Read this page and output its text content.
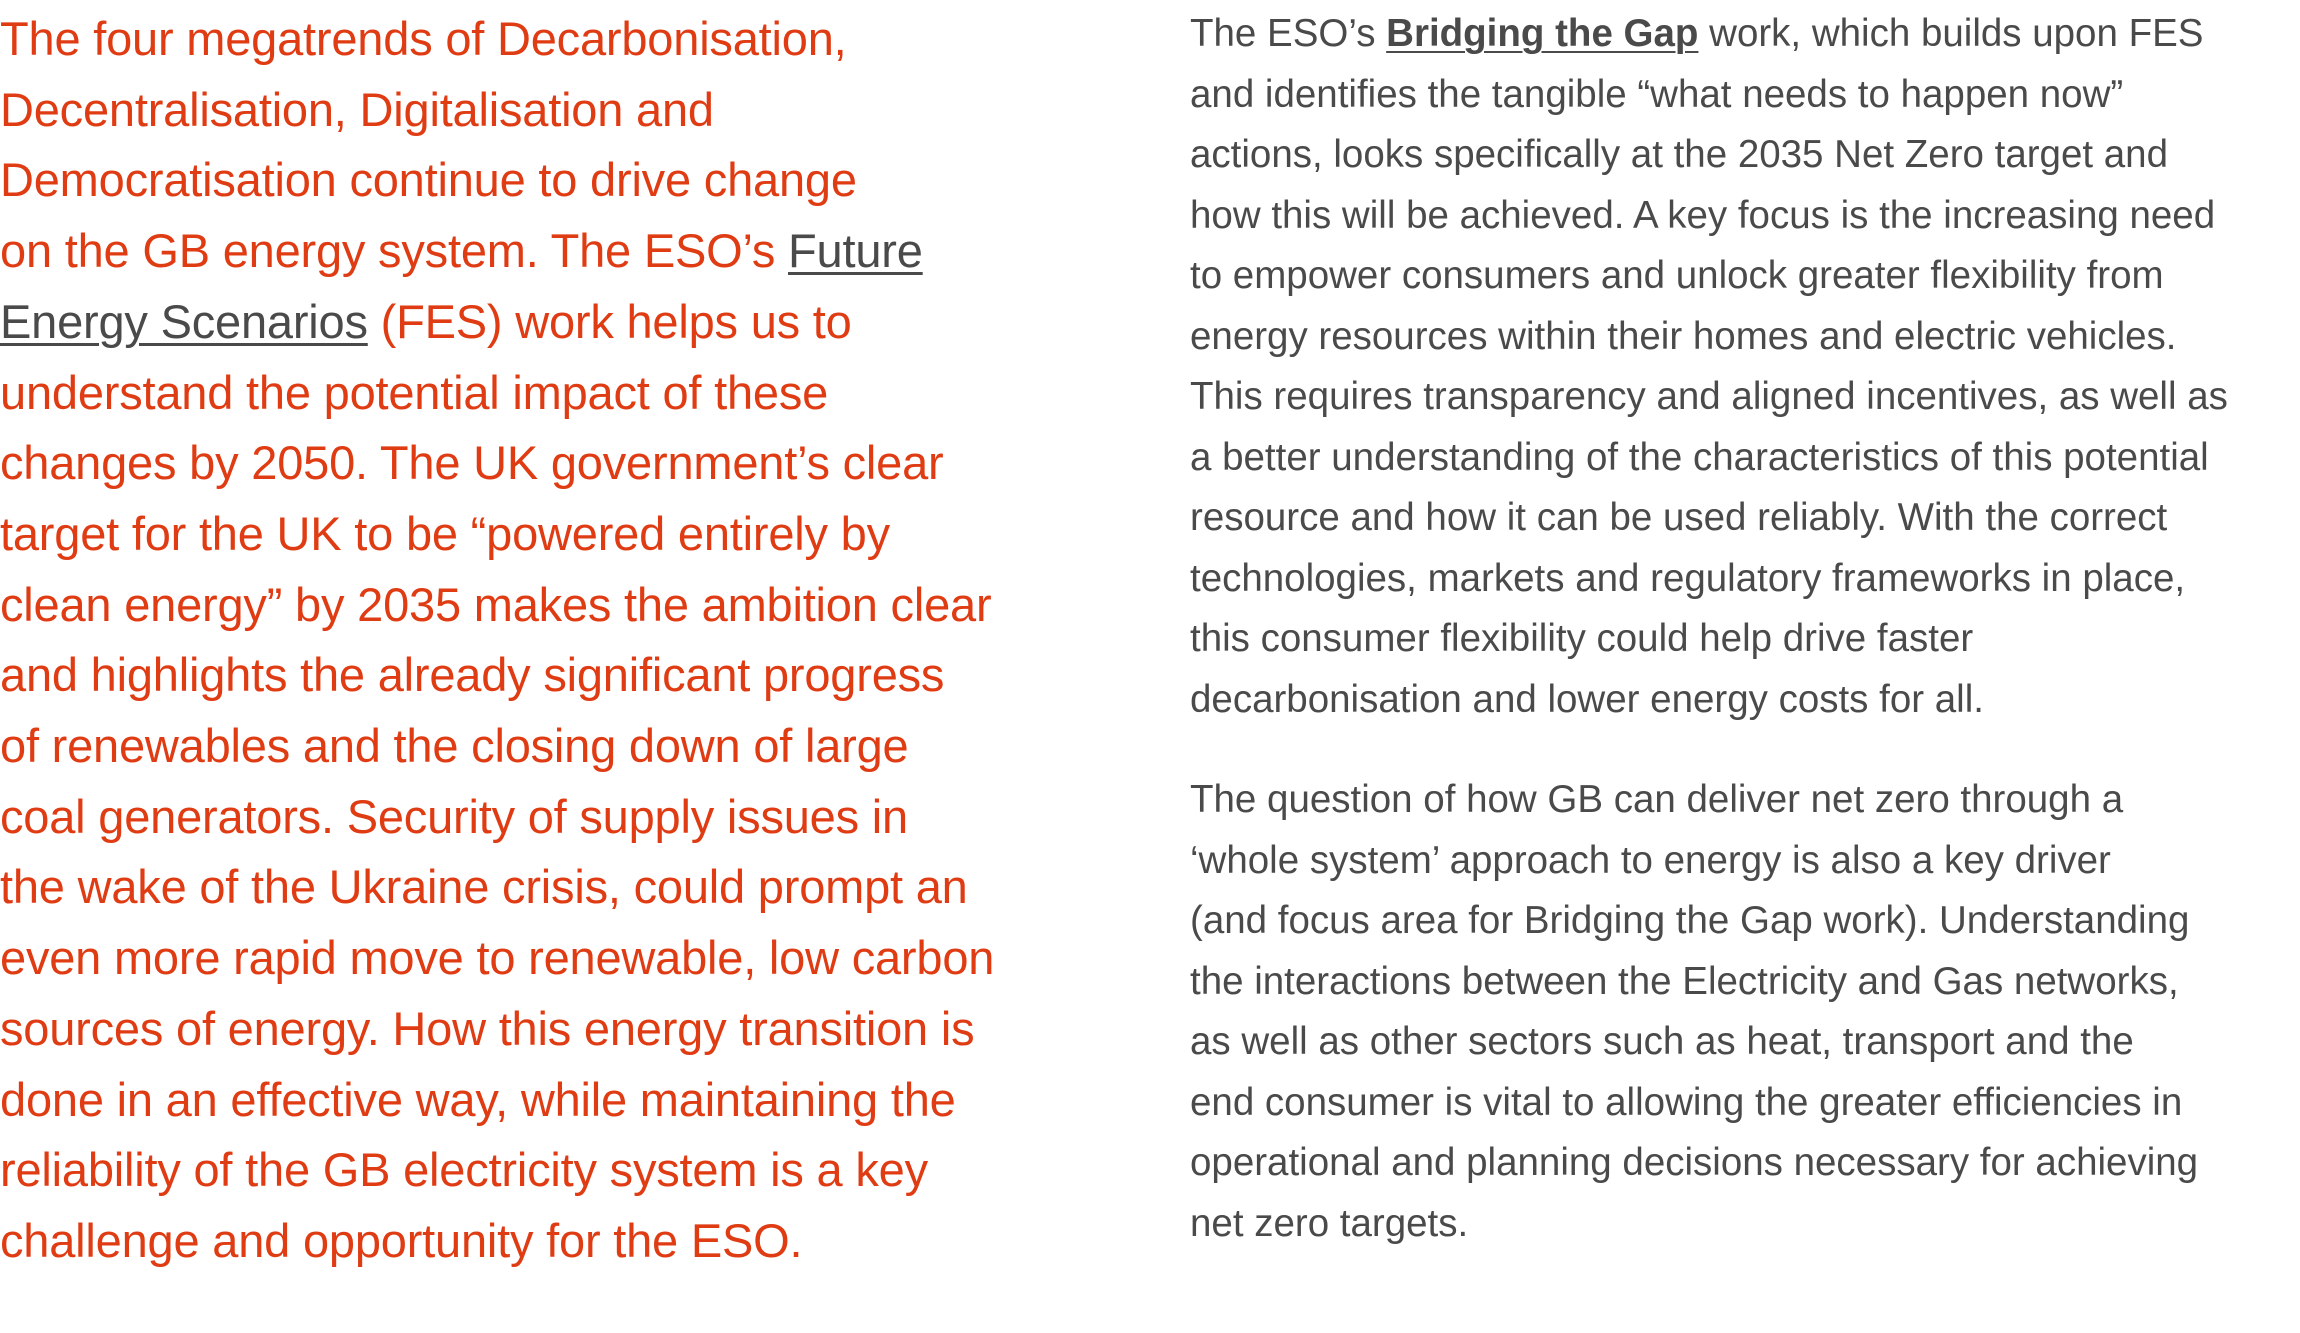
The four megatrends of Decarbonisation,
Decentralisation, Digitalisation and
Democratisation continue to drive change
on the GB energy system. The ESO’s Future
Energy Scenarios (FES) work helps us to
understand the potential impact of these
changes by 2050. The UK government’s clear
target for the UK to be “powered entirely by
clean energy” by 2035 makes the ambition clear
and highlights the already significant progress
of renewables and the closing down of large
coal generators. Security of supply issues in
the wake of the Ukraine crisis, could prompt an
even more rapid move to renewable, low carbon
sources of energy. How this energy transition is
done in an effective way, while maintaining the
reliability of the GB electricity system is a key
challenge and opportunity for the ESO.

The ESO’s Bridging the Gap work, which builds upon FES
and identifies the tangible “what needs to happen now”
actions, looks specifically at the 2035 Net Zero target and
how this will be achieved. A key focus is the increasing need
to empower consumers and unlock greater flexibility from
energy resources within their homes and electric vehicles.
This requires transparency and aligned incentives, as well as
a better understanding of the characteristics of this potential
resource and how it can be used reliably. With the correct
technologies, markets and regulatory frameworks in place,
this consumer flexibility could help drive faster
decarbonisation and lower energy costs for all.

The question of how GB can deliver net zero through a
‘whole system’ approach to energy is also a key driver
(and focus area for Bridging the Gap work). Understanding
the interactions between the Electricity and Gas networks,
as well as other sectors such as heat, transport and the
end consumer is vital to allowing the greater efficiencies in
operational and planning decisions necessary for achieving
net zero targets.
